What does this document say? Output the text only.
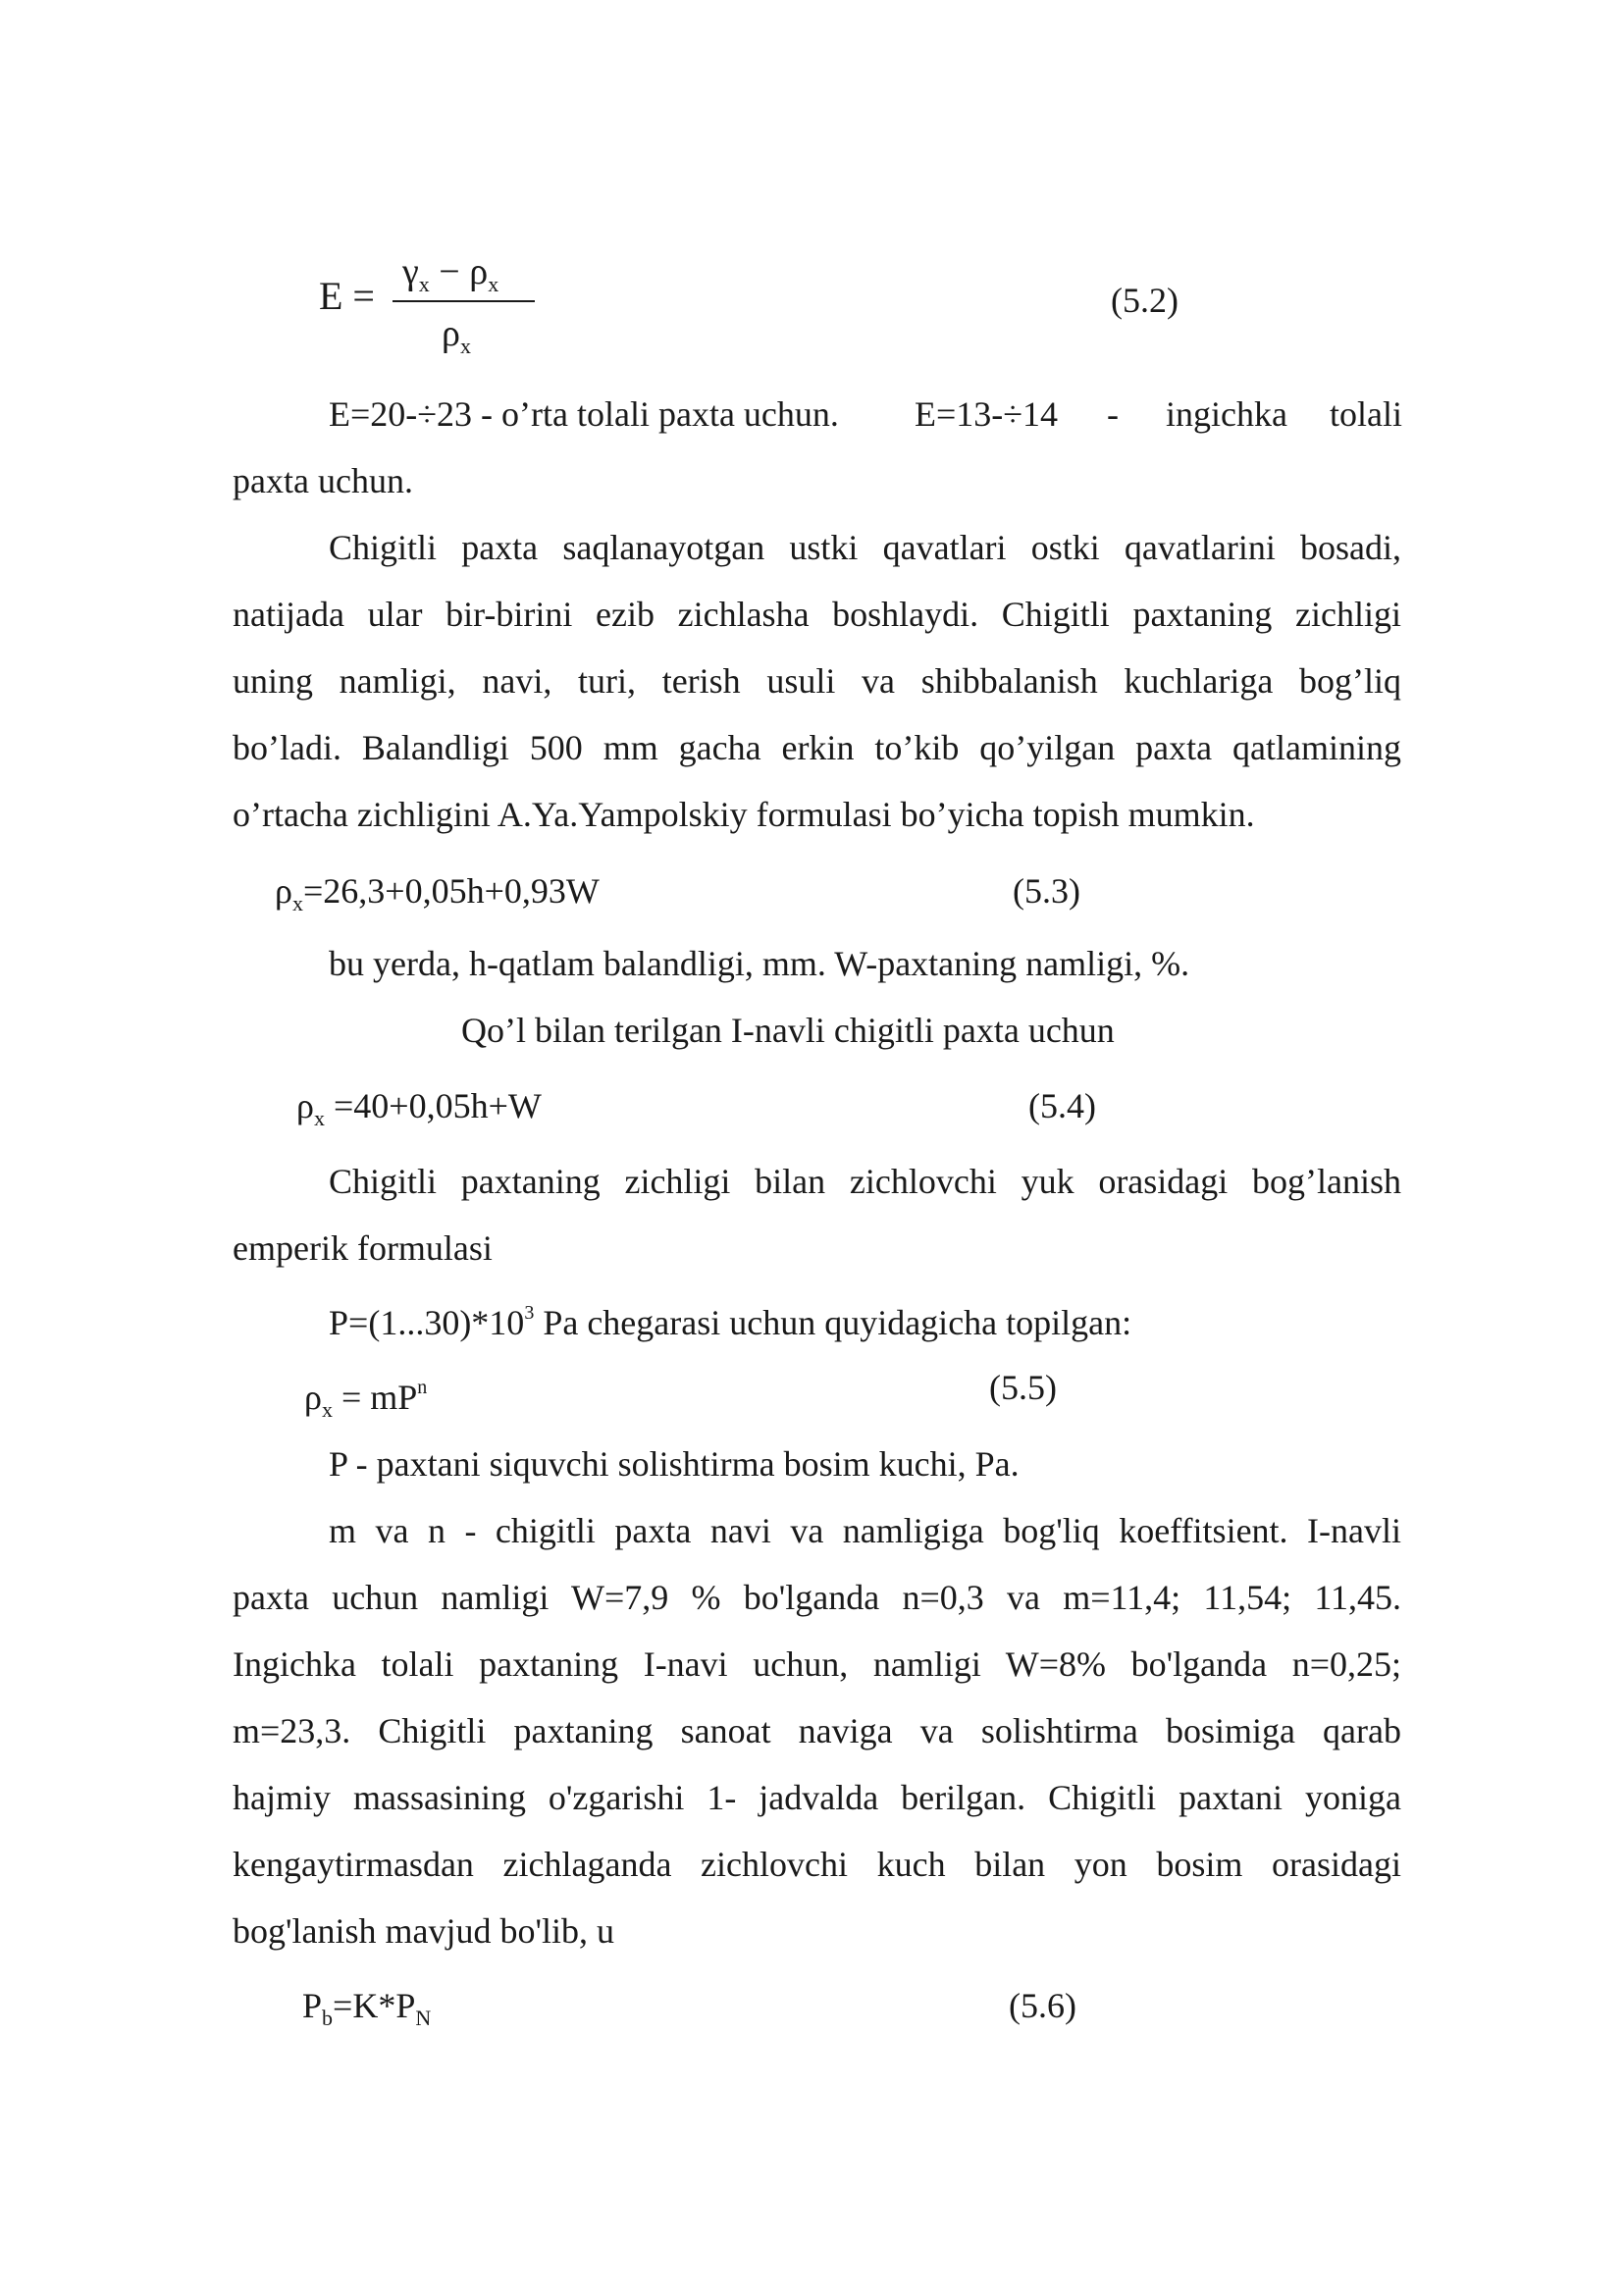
E =
$\gamma_x - \rho_x$
$\rho_x$
(5.2)
E=20-÷23 - o’rta tolali paxta uchun. E=13-÷14 - ingichka tolali
paxta uchun.
Chigitli paxta saqlanayotgan ustki qavatlari ostki qavatlarini bosadi,
natijada ular bir-birini ezib zichlasha boshlaydi. Chigitli paxtaning zichligi
uning namligi, navi, turi, terish usuli va shibbalanish kuchlariga bog’liq
bo’ladi. Balandligi 500 mm gacha erkin to’kib qo’yilgan paxta qatlamining
o’rtacha zichligini A.Ya.Yampolskiy formulasi bo’yicha topish mumkin.
$\rho_x=26,3+0,05h+0,93W$	(5.3)
bu yerda, h-qatlam balandligi, mm. W-paxtaning namligi, %.
Qo’l bilan terilgan I-navli chigitli paxta uchun
$\rho_x =40+0,05h+W$	(5.4)
Chigitli paxtaning zichligi bilan zichlovchi yuk orasidagi bog’lanish
emperik formulasi
$P=(1...30)*10^3$ Pa chegarasi uchun quyidagicha topilgan:
$\rho_x = mP^n$	(5.5)
P - paxtani siquvchi solishtirma bosim kuchi, Pa.
m va n - chigitli paxta navi va namligiga bog'liq koeffitsient. I-navli
paxta uchun namligi W=7,9 % bo'lganda n=0,3 va m=11,4; 11,54; 11,45.
Ingichka tolali paxtaning I-navi uchun, namligi W=8% bo'lganda n=0,25;
m=23,3. Chigitli paxtaning sanoat naviga va solishtirma bosimiga qarab
hajmiy massasining o'zgarishi 1- jadvalda berilgan. Chigitli paxtani yoniga
kengaytirmasdan zichlaganda zichlovchi kuch bilan yon bosim orasidagi
bog'lanish mavjud bo'lib, u
$P_b=K*P_N$	(5.6)
